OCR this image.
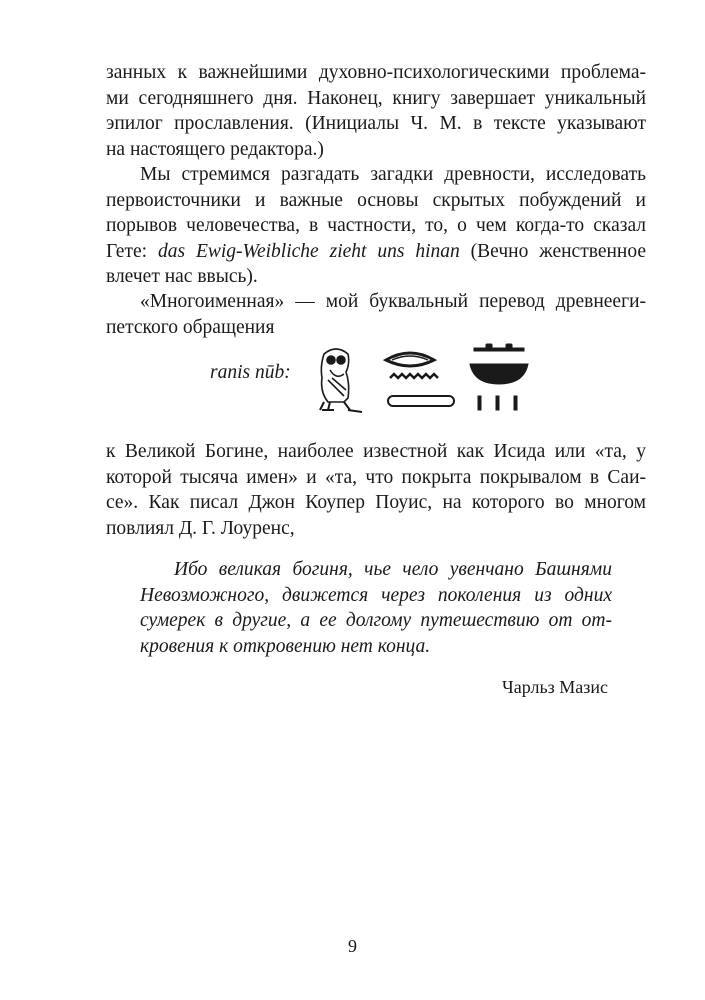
занных к важнейшими духовно-психологическими проблема-
ми сегодняшнего дня. Наконец, книгу завершает уникальный
эпилог прославления. (Инициалы Ч. М. в тексте указывают
на настоящего редактора.)
Мы стремимся разгадать загадки древности, исследовать
первоисточники и важные основы скрытых побуждений и
порывов человечества, в частности, то, о чем когда-то сказал
Гете: das Ewig-Weibliche zieht uns hinan (Вечно женственное
влечет нас ввысь).
«Многоименная» — мой буквальный перевод древнееги-
петского обращения
ranis nūb:
к Великой Богине, наиболее известной как Исида или «та, у
которой тысяча имен» и «та, что покрыта покрывалом в Саи-
се». Как писал Джон Коупер Поуис, на которого во многом
повлиял Д. Г. Лоуренс,
Ибо великая богиня, чье чело увенчано Башнями
Невозможного, движется через поколения из одних
сумерек в другие, а ее долгому путешествию от от-
кровения к откровению нет конца.
Чарльз Мазис
9
